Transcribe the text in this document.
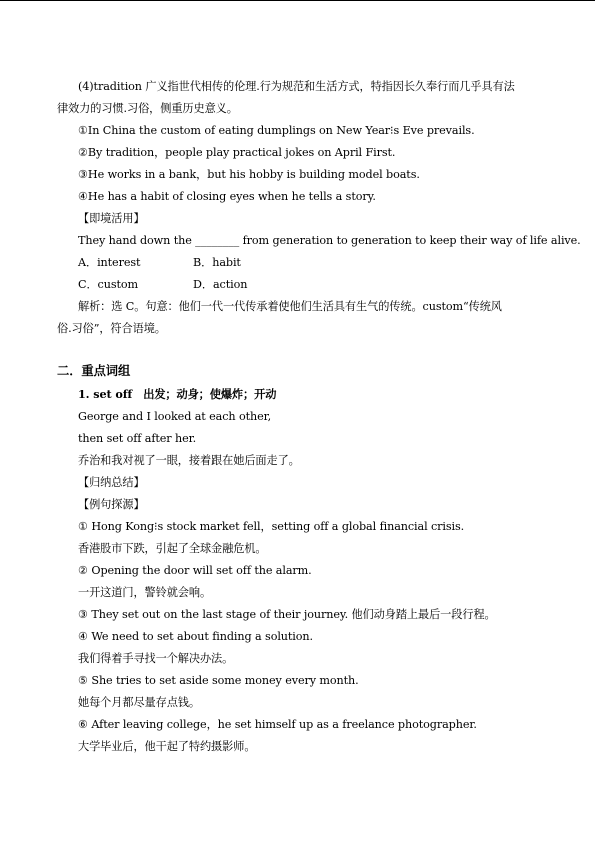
(4)tradition 广义指世代相传的伦理.行为规范和生活方式，特指因长久奉行而几乎具有法
律效力的习惯.习俗，侧重历史意义。
①In China the custom of eating dumplings on New Year⁝s Eve prevails.
②By tradition，people play practical jokes on April First.
③He works in a bank，but his hobby is building model boats.
④He has a habit of closing eyes when he tells a story.
【即境活用】
They hand down the ________ from generation to generation to keep their way of life alive.
A．interest	B．habit
C．custom	D．action
解析：选 C。句意：他们一代一代传承着使他们生活具有生气的传统。custom“传统风
俗.习俗”，符合语境。
二．重点词组
1. set off　出发；动身；使爆炸；开动
George and I looked at each other,
then set off after her.
乔治和我对视了一眼，接着跟在她后面走了。
【归纳总结】
【例句探源】
① Hong Kong⁝s stock market fell，setting off a global financial crisis.
香港股市下跌，引起了全球金融危机。
② Opening the door will set off the alarm.
一开这道门，警铃就会响。
③ They set out on the last stage of their journey. 他们动身踏上最后一段行程。
④ We need to set about finding a solution.
我们得着手寻找一个解决办法。
⑤ She tries to set aside some money every month.
她每个月都尽量存点钱。
⑥ After leaving college，he set himself up as a freelance photographer.
大学毕业后，他干起了特约摄影师。
